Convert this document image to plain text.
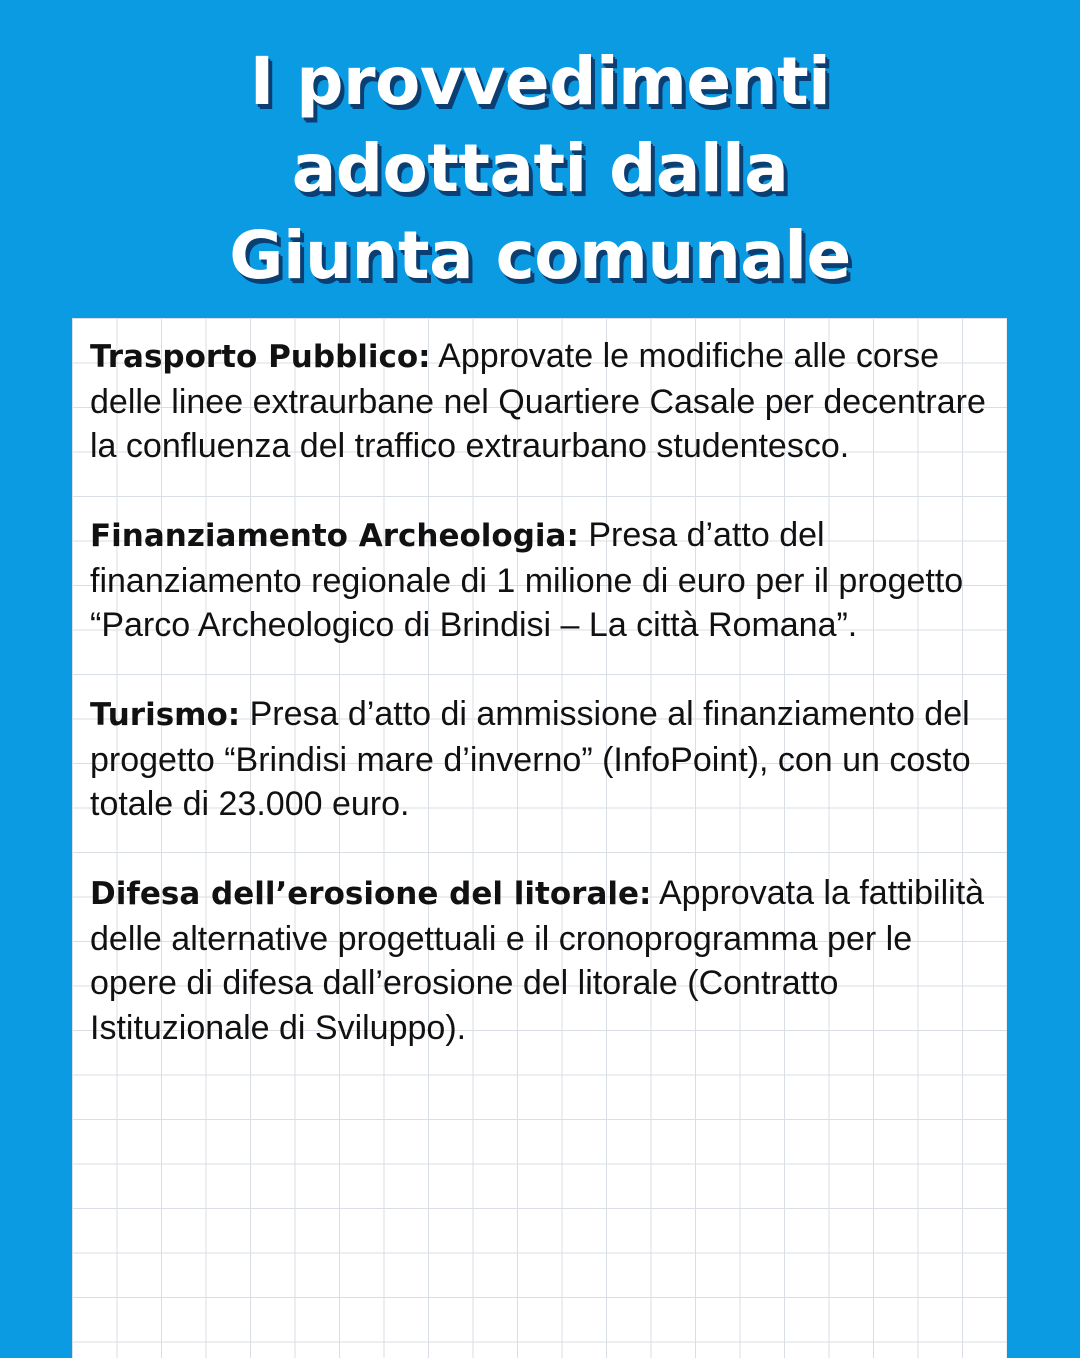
I provvedimenti
adottati dalla
Giunta comunale

Trasporto Pubblico: Approvate le modifiche alle corse delle linee extraurbane nel Quartiere Casale per decentrare la confluenza del traffico extraurbano studentesco.

Finanziamento Archeologia: Presa d’atto del finanziamento regionale di 1 milione di euro per il progetto “Parco Archeologico di Brindisi – La città Romana”.

Turismo: Presa d’atto di ammissione al finanziamento del progetto “Brindisi mare d’inverno” (InfoPoint), con un costo totale di 23.000 euro.

Difesa dell’erosione del litorale: Approvata la fattibilità delle alternative progettuali e il cronoprogramma per le opere di difesa dall’erosione del litorale (Contratto Istituzionale di Sviluppo).
